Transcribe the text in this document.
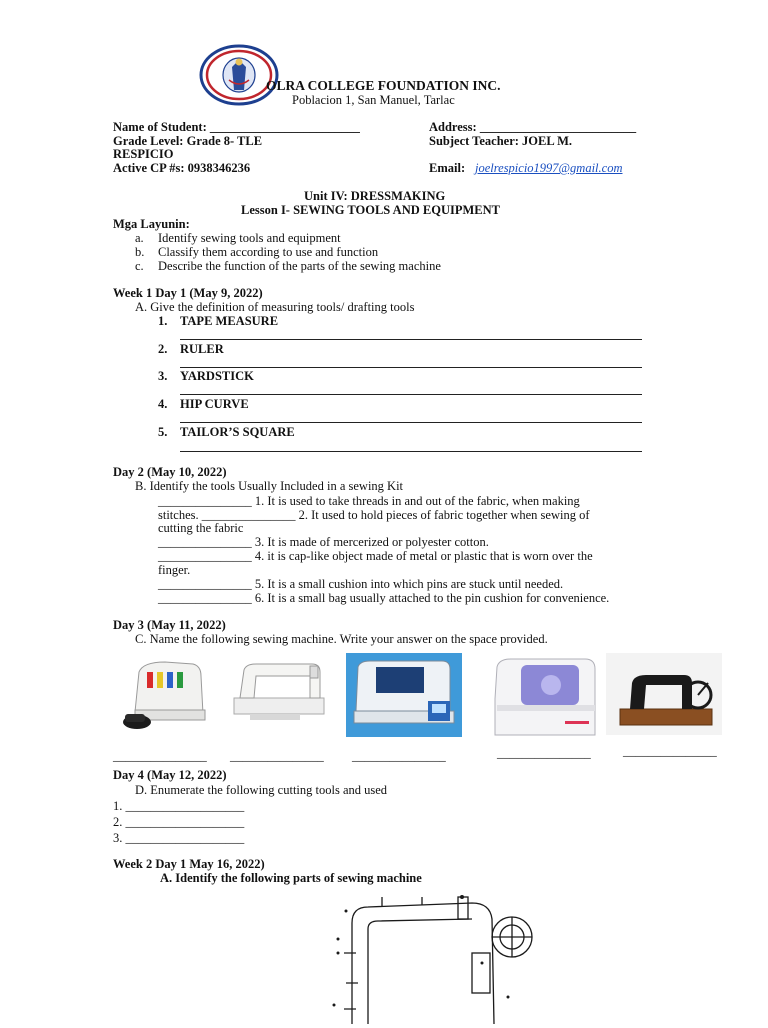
OLRA COLLEGE FOUNDATION INC.
Poblacion 1, San Manuel, Tarlac
Name of Student: ________________________
Grade Level: Grade 8- TLE
RESPICIO
Active CP #s: 0938346236
Address: _________________________
Subject Teacher: JOEL M.
Email: joelrespicio1997@gmail.com
Unit IV: DRESSMAKING
Lesson I- SEWING TOOLS AND EQUIPMENT
Mga Layunin:
a. Identify sewing tools and equipment
b. Classify them according to use and function
c. Describe the function of the parts of the sewing machine
Week 1 Day 1 (May 9, 2022)
A. Give the definition of measuring tools/ drafting tools
1. TAPE MEASURE
2. RULER
3. YARDSTICK
4. HIP CURVE
5. TAILOR’S SQUARE
Day 2 (May 10, 2022)
B. Identify the tools Usually Included in a sewing Kit
_______________ 1. It is used to take threads in and out of the fabric, when making
stitches. _______________ 2. It used to hold pieces of fabric together when sewing of
cutting the fabric
_______________ 3. It is made of mercerized or polyester cotton.
_______________ 4. it is cap-like object made of metal or plastic that is worn over the
finger.
_______________ 5. It is a small cushion into which pins are stuck until needed.
_______________ 6. It is a small bag usually attached to the pin cushion for convenience.
Day 3 (May 11, 2022)
C. Name the following sewing machine. Write your answer on the space provided.
_______________ _______________ _______________	_______________	_______________
Day 4 (May 12, 2022)
D. Enumerate the following cutting tools and used
1. ___________________
2. ___________________
3. ___________________
Week 2 Day 1 May 16, 2022)
A. Identify the following parts of sewing machine
